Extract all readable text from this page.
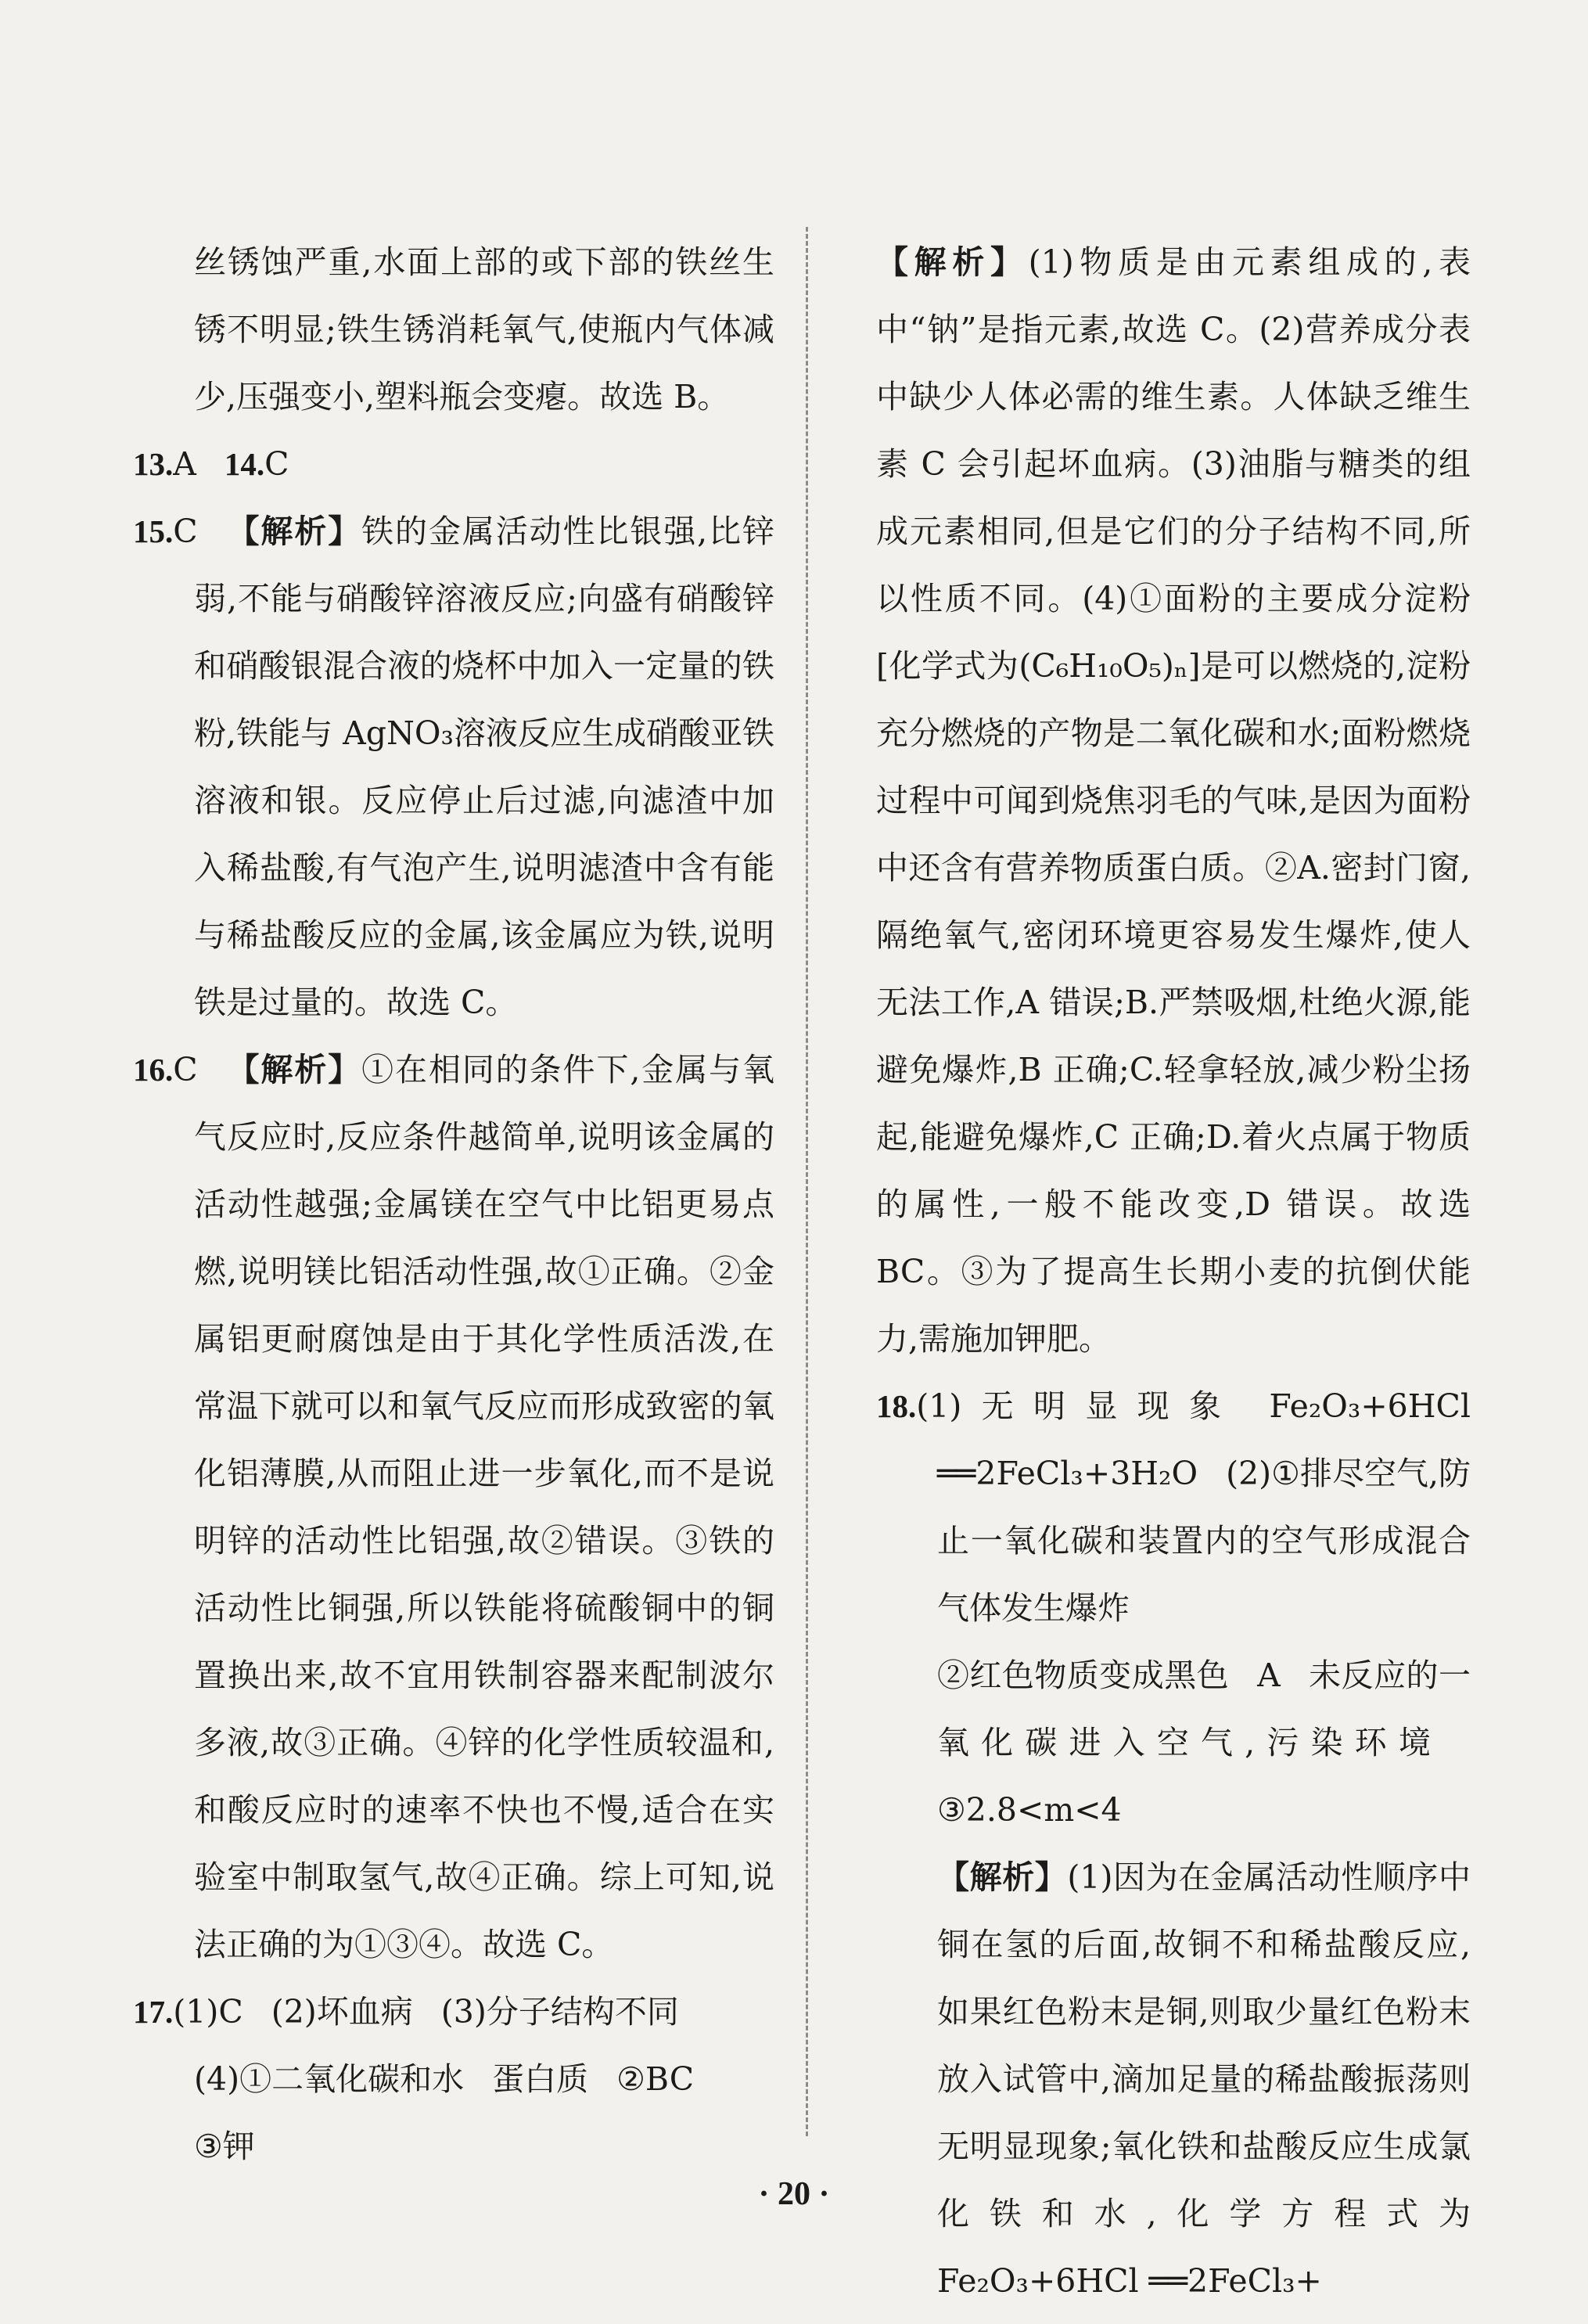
丝锈蚀严重,水面上部的或下部的铁丝生锈不明显;铁生锈消耗氧气,使瓶内气体减少,压强变小,塑料瓶会变瘪。故选 B。

13.A 14.C

15.C 【解析】铁的金属活动性比银强,比锌弱,不能与硝酸锌溶液反应;向盛有硝酸锌和硝酸银混合液的烧杯中加入一定量的铁粉,铁能与 AgNO₃溶液反应生成硝酸亚铁溶液和银。反应停止后过滤,向滤渣中加入稀盐酸,有气泡产生,说明滤渣中含有能与稀盐酸反应的金属,该金属应为铁,说明铁是过量的。故选 C。

16.C 【解析】①在相同的条件下,金属与氧气反应时,反应条件越简单,说明该金属的活动性越强;金属镁在空气中比铝更易点燃,说明镁比铝活动性强,故①正确。②金属铝更耐腐蚀是由于其化学性质活泼,在常温下就可以和氧气反应而形成致密的氧化铝薄膜,从而阻止进一步氧化,而不是说明锌的活动性比铝强,故②错误。③铁的活动性比铜强,所以铁能将硫酸铜中的铜置换出来,故不宜用铁制容器来配制波尔多液,故③正确。④锌的化学性质较温和,和酸反应时的速率不快也不慢,适合在实验室中制取氢气,故④正确。综上可知,说法正确的为①③④。故选 C。

17.(1)C (2)坏血病 (3)分子结构不同
(4)①二氧化碳和水 蛋白质 ②BC
③钾

【解析】(1)物质是由元素组成的,表中“钠”是指元素,故选 C。(2)营养成分表中缺少人体必需的维生素。人体缺乏维生素 C 会引起坏血病。(3)油脂与糖类的组成元素相同,但是它们的分子结构不同,所以性质不同。(4)①面粉的主要成分淀粉[化学式为(C₆H₁₀O₅)ₙ]是可以燃烧的,淀粉充分燃烧的产物是二氧化碳和水;面粉燃烧过程中可闻到烧焦羽毛的气味,是因为面粉中还含有营养物质蛋白质。②A.密封门窗,隔绝氧气,密闭环境更容易发生爆炸,使人无法工作,A 错误;B.严禁吸烟,杜绝火源,能避免爆炸,B 正确;C.轻拿轻放,减少粉尘扬起,能避免爆炸,C 正确;D.着火点属于物质的属性,一般不能改变,D 错误。故选 BC。③为了提高生长期小麦的抗倒伏能力,需施加钾肥。

18.(1)无明显现象 Fe₂O₃+6HCl ══2FeCl₃+3H₂O (2)①排尽空气,防止一氧化碳和装置内的空气形成混合气体发生爆炸
②红色物质变成黑色 A 未反应的一氧化碳进入空气,污染环境③2.8<m<4

【解析】(1)因为在金属活动性顺序中铜在氢的后面,故铜不和稀盐酸反应,如果红色粉末是铜,则取少量红色粉末放入试管中,滴加足量的稀盐酸振荡则无明显现象;氧化铁和盐酸反应生成氯化铁和水,化学方程式为 Fe₂O₃+6HCl ══2FeCl₃+

· 20 ·
